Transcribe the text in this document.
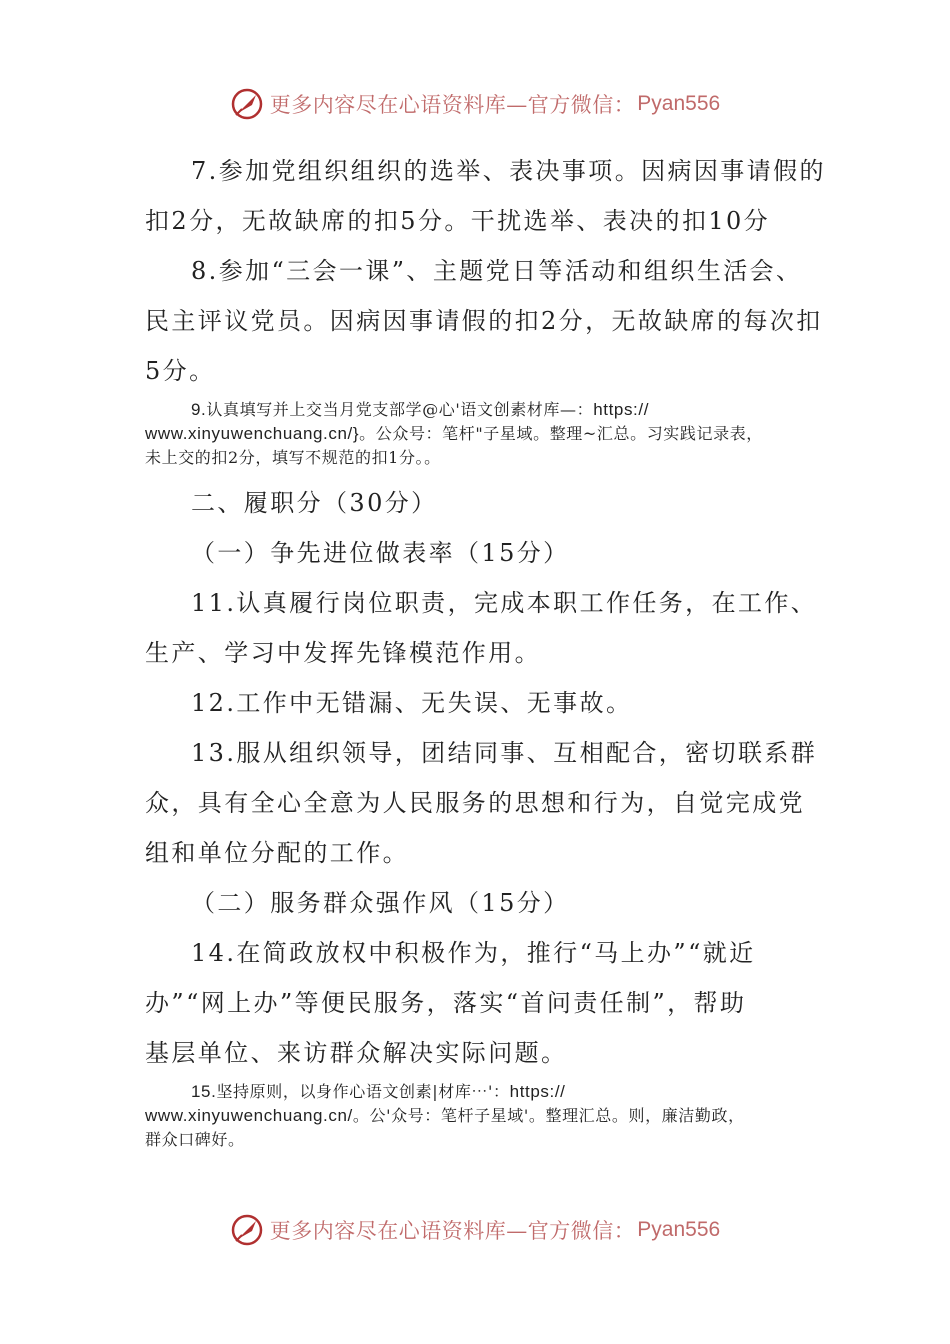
更多内容尽在心语资料库—官方微信： Pyan556

7.参加党组织组织的选举、表决事项。因病因事请假的

扣2分，无故缺席的扣5分。干扰选举、表决的扣10分

8.参加“三会一课”、主题党日等活动和组织生活会、

民主评议党员。因病因事请假的扣2分，无故缺席的每次扣

5分。

9.认真填写并上交当月党支部学@心'语文创素材库—：https://
www.xinyuwenchuang.cn/}。公众号：笔杆"子星域。整理~汇总。习实践记录表，
未上交的扣2分，填写不规范的扣1分。。

二、履职分（30分）

（一）争先进位做表率（15分）

11.认真履行岗位职责，完成本职工作任务，在工作、

生产、学习中发挥先锋模范作用。

12.工作中无错漏、无失误、无事故。

13.服从组织领导，团结同事、互相配合，密切联系群

众，具有全心全意为人民服务的思想和行为，自觉完成党

组和单位分配的工作。

（二）服务群众强作风（15分）

14.在简政放权中积极作为，推行“马上办”“就近

办”“网上办”等便民服务，落实“首问责任制”，帮助

基层单位、来访群众解决实际问题。

15.坚持原则，以身作心语文创素|材库⋯'：https://
www.xinyuwenchuang.cn/。公'众号：笔杆子星域'。整理汇总。则，廉洁勤政，
群众口碑好。
更多内容尽在心语资料库—官方微信： Pyan556
